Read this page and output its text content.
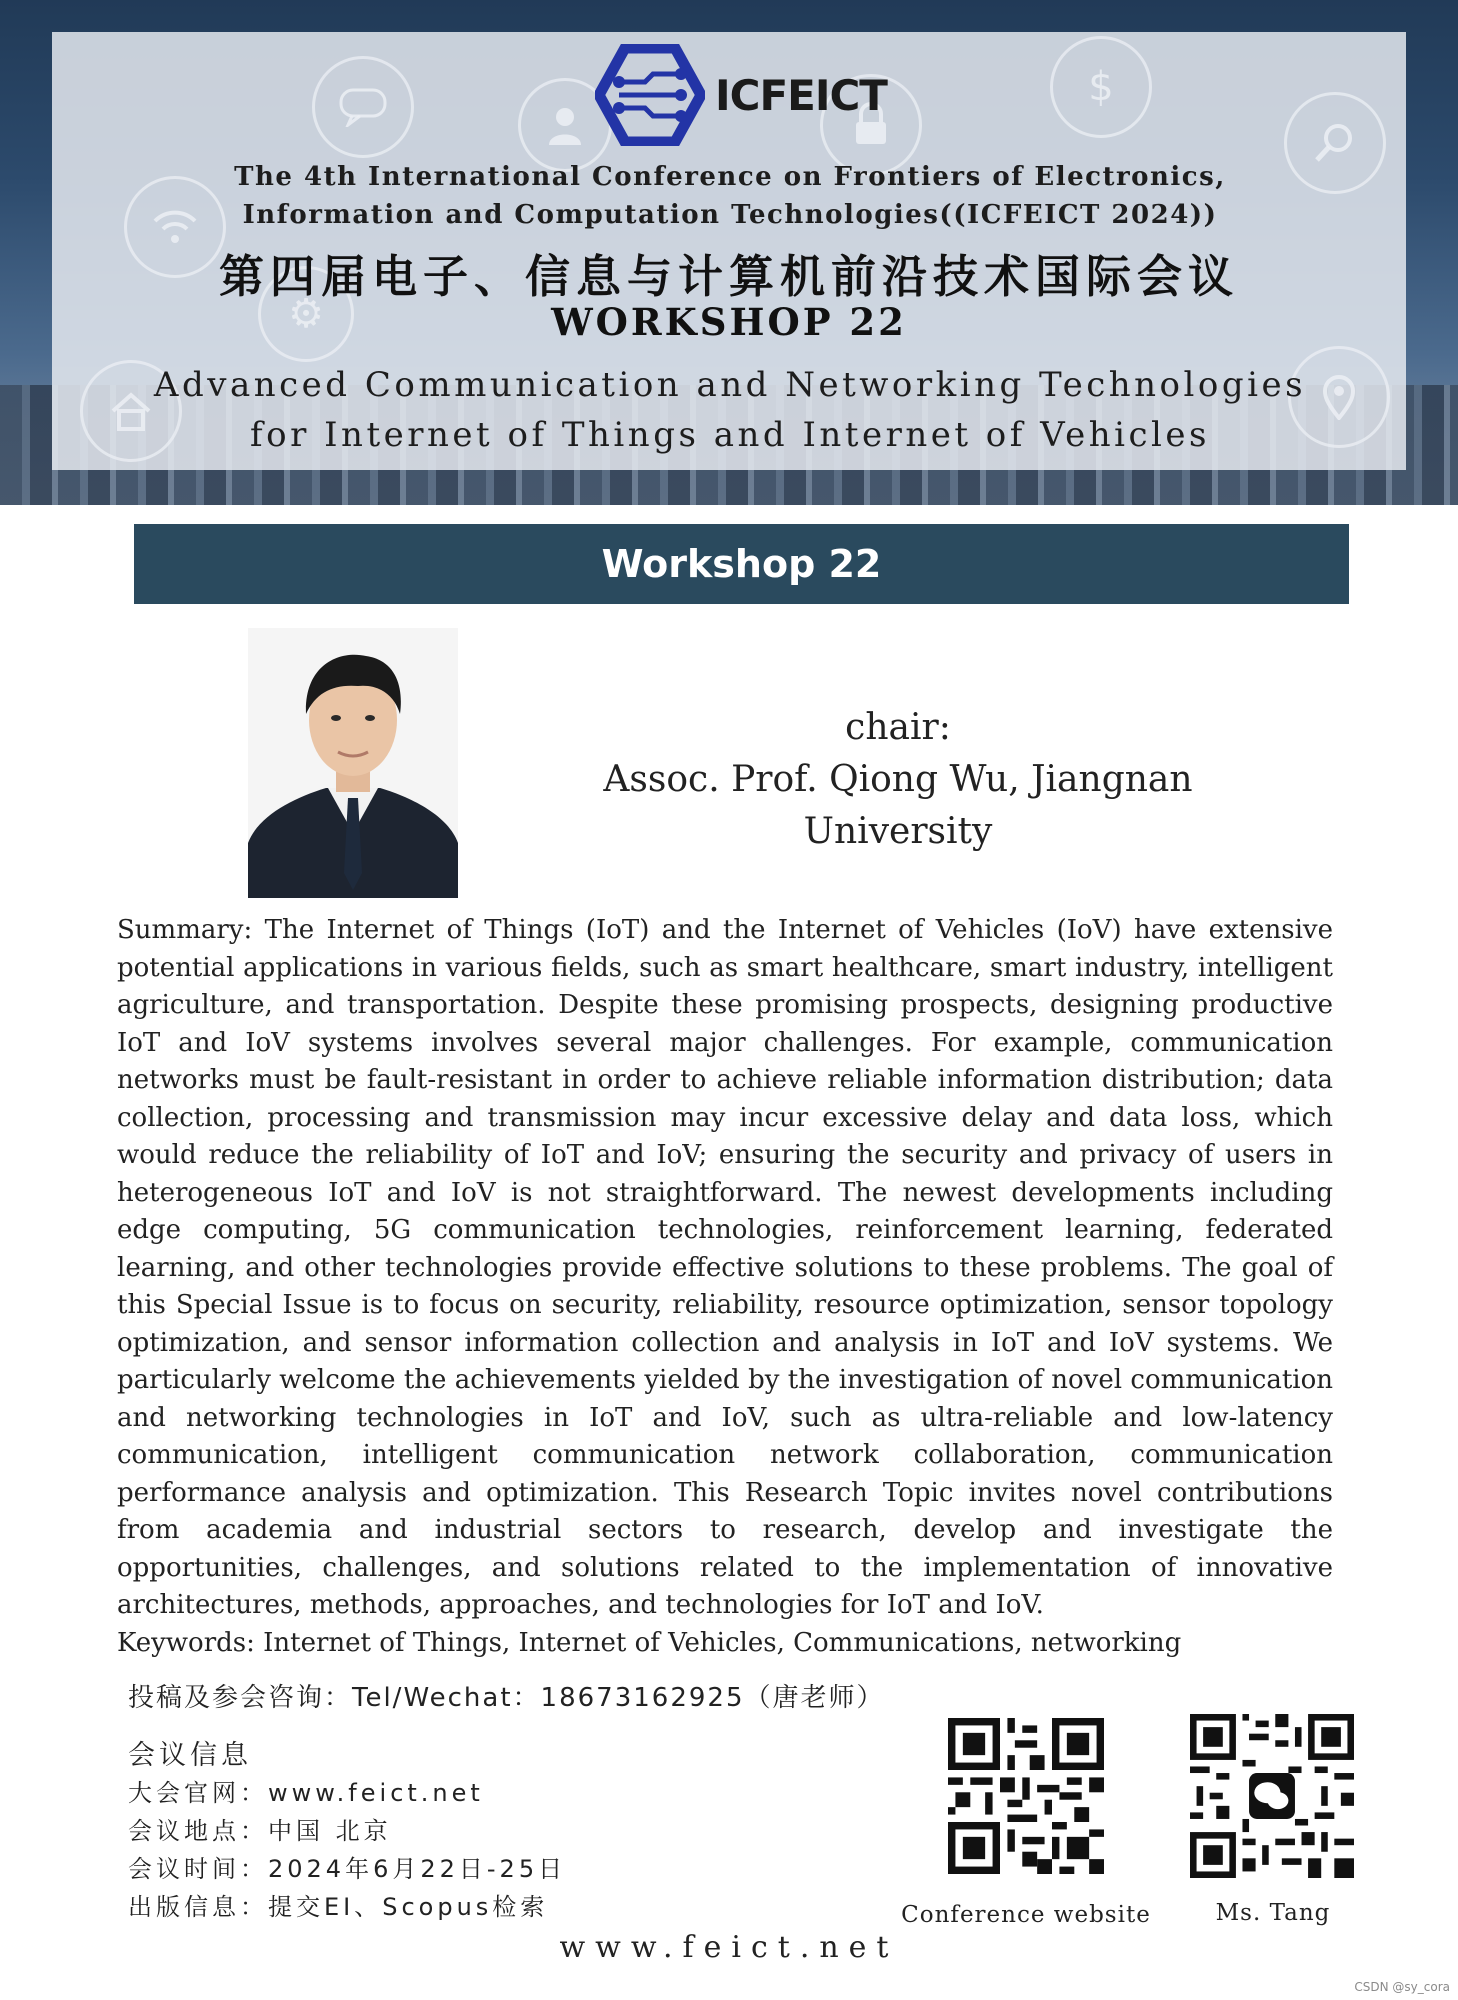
ICFEICT
The 4th International Conference on Frontiers of Electronics, Information and Computation Technologies((ICFEICT 2024))
第四届电子、信息与计算机前沿技术国际会议
WORKSHOP 22
Advanced Communication and Networking Technologies for Internet of Things and Internet of Vehicles
Workshop 22
chair:
Assoc. Prof. Qiong Wu, Jiangnan University

Summary: The Internet of Things (IoT) and the Internet of Vehicles (IoV) have extensive potential applications in various fields, such as smart healthcare, smart industry, intelligent agriculture, and transportation. Despite these promising prospects, designing productive IoT and IoV systems involves several major challenges. For example, communication networks must be fault-resistant in order to achieve reliable information distribution; data collection, processing and transmission may incur excessive delay and data loss, which would reduce the reliability of IoT and IoV; ensuring the security and privacy of users in heterogeneous IoT and IoV is not straightforward. The newest developments including edge computing, 5G communication technologies, reinforcement learning, federated learning, and other technologies provide effective solutions to these problems. The goal of this Special Issue is to focus on security, reliability, resource optimization, sensor topology optimization, and sensor information collection and analysis in IoT and IoV systems. We particularly welcome the achievements yielded by the investigation of novel communication and networking technologies in IoT and IoV, such as ultra-reliable and low-latency communication, intelligent communication network collaboration, communication performance analysis and optimization. This Research Topic invites novel contributions from academia and industrial sectors to research, develop and investigate the opportunities, challenges, and solutions related to the implementation of innovative architectures, methods, approaches, and technologies for IoT and IoV.

Keywords: Internet of Things, Internet of Vehicles, Communications, networking

投稿及参会咨询：Tel/Wechat：18673162925（唐老师）
会议信息
大会官网：www.feict.net
会议地点：中国 北京
会议时间：2024年6月22日-25日
出版信息：提交EI、Scopus检索	Conference website	Ms. Tang
www.feict.net
CSDN @sy_cora
